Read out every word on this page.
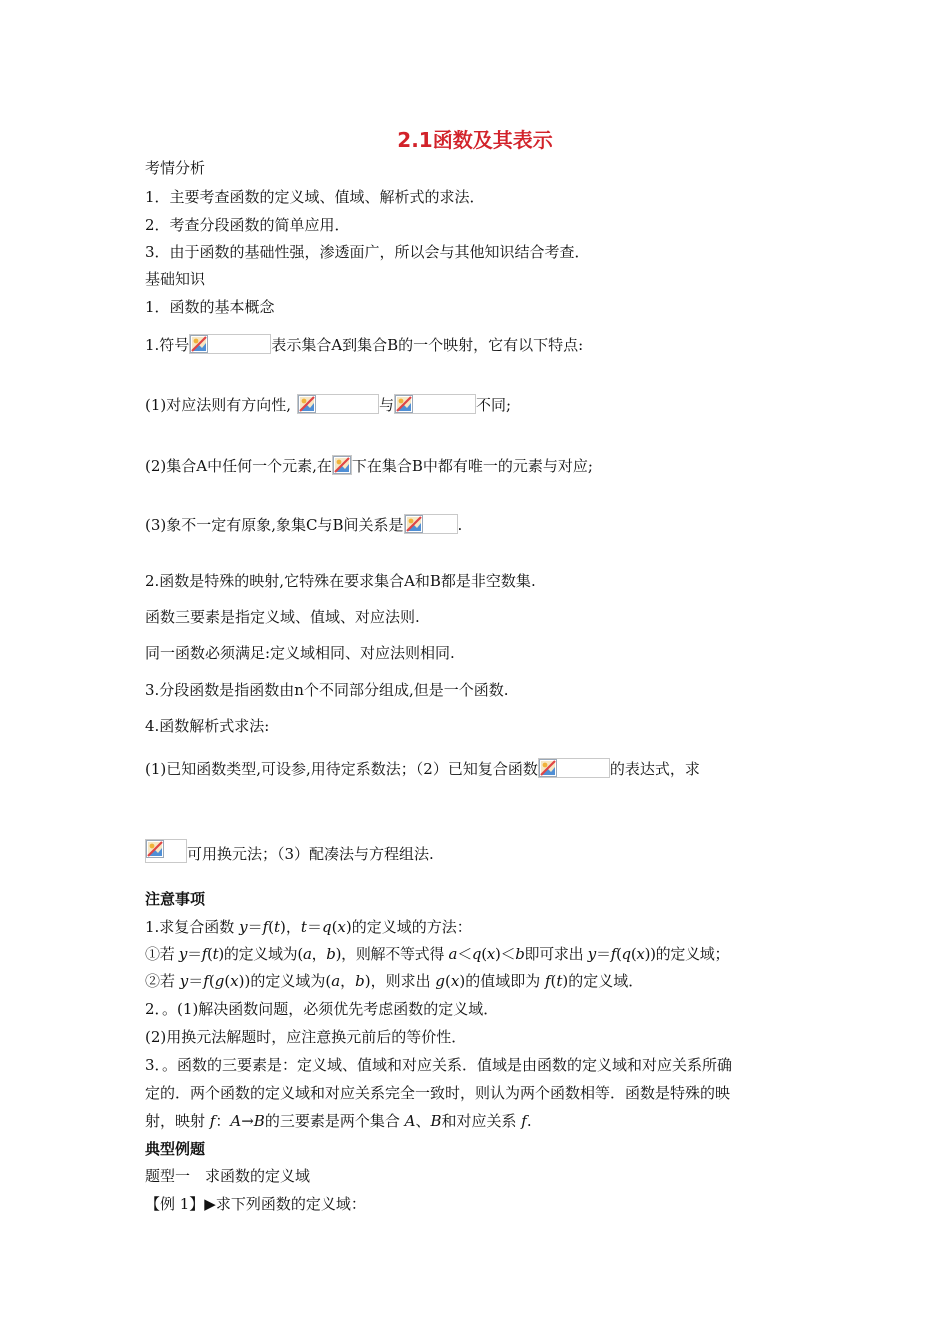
2.1函数及其表示
考情分析
1．主要考查函数的定义域、值域、解析式的求法．
2．考查分段函数的简单应用．
3．由于函数的基础性强，渗透面广，所以会与其他知识结合考查．
基础知识
1．函数的基本概念
1.符号	表示集合A到集合B的一个映射，它有以下特点:
(1)对应法则有方向性,	与	不同;
(2)集合A中任何一个元素,在 下在集合B中都有唯一的元素与对应;
(3)象不一定有原象,象集C与B间关系是	.
2.函数是特殊的映射,它特殊在要求集合A和B都是非空数集.
函数三要素是指定义域、值域、对应法则.
同一函数必须满足:定义域相同、对应法则相同.
3.分段函数是指函数由n个不同部分组成,但是一个函数.
4.函数解析式求法:
(1)已知函数类型,可设参,用待定系数法；（2）已知复合函数	的表达式，求
可用换元法；（3）配凑法与方程组法.
注意事项
1.求复合函数 y＝f(t)，t＝q(x)的定义域的方法：
①若 y＝f(t)的定义域为(a，b)，则解不等式得 a＜q(x)＜b即可求出 y＝f(q(x))的定义域；
②若 y＝f(g(x))的定义域为(a，b)，则求出 g(x)的值域即为 f(t)的定义域．
2．。(1)解决函数问题，必须优先考虑函数的定义域．
(2)用换元法解题时，应注意换元前后的等价性．
3．。函数的三要素是：定义域、值域和对应关系．值域是由函数的定义域和对应关系所确
定的．两个函数的定义域和对应关系完全一致时，则认为两个函数相等．函数是特殊的映
射，映射 f：A→B的三要素是两个集合 A、B和对应关系 f.
典型例题
题型一　求函数的定义域
【例 1】▶求下列函数的定义域：
